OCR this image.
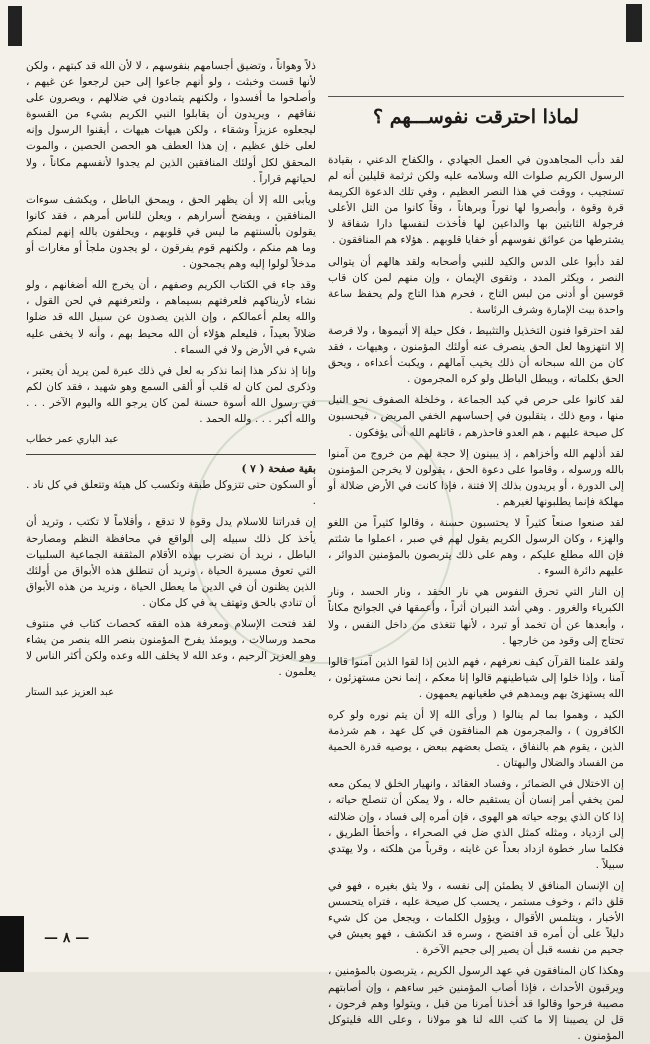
لقد دأب المجاهدون في العمل الجهادي ، والكفاح الدعني ، بقيادة الرسول الكريم صلوات الله وسلامه عليه ولكن ثرثمة قليلين أنه لم تستجيب ، ووقت في هذا النصر العظيم ، وفي تلك الدعوة الكريمة قرة وقوة ، وأبصروا لها نوراً وبرهاناً ، وقاً كانوا من التل الأعلى فرجولة الثابتين بها والداعين لها فأخذت لنفسها دارا شفاقة لا يشترطها من عوائق نفوسهم أو خفايا قلوبهم . هؤلاء هم المنافقون .

لقد دأبوا على الدس والكيد للنبي وأصحابه ولقد هالهم أن يتوالى النصر ، ويكثر المدد ، وتقوى الإيمان ، وإن منهم لمن كان قاب قوسين أو أدنى من لبس التاج ، فحرم هذا التاج ولم يحفظ ساعة واحدة بيت الإمارة وشرف الرئاسة .

لقد احترقوا فنون التخذيل والتثبيط ، فكل حيلة إلا أتيموها ، ولا فرصة إلا انتهزوها لعل الحق ينصرف عنه أولئك المؤمنون ، وهيهات ، فقد كان من الله سبحانه أن ذلك يخيب آمالهم ، ويكبت أعداءه ، ويحق الحق بكلماته ، ويبطل الباطل ولو كره المجرمون .

لقد كانوا على حرص في كيد الجماعة ، وخلخلة الصفوف نحو النيل منها ، ومع ذلك ، يتقلبون في إحساسهم الخفي المريض ، فيحسبون كل صيحة عليهم ، هم العدو فاحذرهم ، قاتلهم الله أنى يؤفكون .

لقد أذلهم الله وأخزاهم ، إذ يبينون إلا حجة لهم من خروج من آمنوا بالله ورسوله ، وقاموا على دعوة الحق ، يقولون لا يخرجن المؤمنون إلى الدورة ، أو يريدون بذلك إلا فتنة ، فإذا كانت في الأرض ضلالة أو مهلكة فإنما يطلبونها لغيرهم .

لقد صنعوا صنعاً كثيراً لا يحتسبون حسنة ، وقالوا كثيراً من اللغو والهزء ، وكان الرسول الكريم يقول لهم في صبر ، اعملوا ما شئتم فإن الله مطلع عليكم ، وهم على ذلك يتربصون بالمؤمنين الدوائر ، عليهم دائرة السوء .

إن النار التي تحرق النفوس هي نار الحقد ، ونار الحسد ، ونار الكبرياء والغرور . وهي أشد النيران أثراً ، وأعمقها في الجوانح مكاناً ، وأبعدها عن أن تخمد أو تبرد ، لأنها تتغذى من داخل النفس ، ولا تحتاج إلى وقود من خارجها .

ولقد علمنا القرآن كيف نعرفهم ، فهم الذين إذا لقوا الذين آمنوا قالوا آمنا ، وإذا خلوا إلى شياطينهم قالوا إنا معكم ، إنما نحن مستهزئون ، الله يستهزئ بهم ويمدهم في طغيانهم يعمهون .

الكيد ، وهموا بما لم ينالوا ( ورأى الله إلا أن يتم نوره ولو كره الكافرون ) ، والمجرمون هم المنافقون في كل عهد ، هم شرذمة الذين ، يقوم هم بالنفاق ، يتصل بعضهم ببعض ، يوصيه قدرة الحمية من الفساد والضلال والبهتان .

إن الاختلال في الضمائر ، وفساد العقائد ، وانهيار الخلق لا يمكن معه لمن يخفي أمر إنسان أن يستقيم حاله ، ولا يمكن أن تنصلح حياته ، إذا كان الذي يوجه حياته هو الهوى ، فإن أمره إلى فساد ، وإن ضلالته إلى ازدياد ، ومثله كمثل الذي ضل في الصحراء ، وأخطأ الطريق ، فكلما سار خطوة ازداد بعداً عن غايته ، وقرباً من هلكته ، ولا يهتدي سبيلاً .

إن الإنسان المنافق لا يطمئن إلى نفسه ، ولا يثق بغيره ، فهو في قلق دائم ، وخوف مستمر ، يحسب كل صيحة عليه ، فتراه يتحسس الأخبار ، ويتلمس الأقوال ، ويؤول الكلمات ، ويجعل من كل شيء دليلاً على أن أمره قد افتضح ، وسره قد انكشف ، فهو يعيش في جحيم من نفسه قبل أن يصير إلى جحيم الآخرة .

وهكذا كان المنافقون في عهد الرسول الكريم ، يتربصون بالمؤمنين ، ويرقبون الأحداث ، فإذا أصاب المؤمنين خير ساءهم ، وإن أصابتهم مصيبة فرحوا وقالوا قد أخذنا أمرنا من قبل ، ويتولوا وهم فرحون ، قل لن يصيبنا إلا ما كتب الله لنا هو مولانا ، وعلى الله فليتوكل المؤمنون .

لماذا احترقت نفوســـهم ؟

ذلاً وهواناً ، وتضيق أجسامهم بنفوسهم ، لا لأن الله قد كبتهم ، ولكن لأنها قست وخبثت ، ولو أنهم جاعوا إلى حين لرجعوا عن غيهم ، وأصلحوا ما أفسدوا ، ولكنهم يتمادون في ضلالهم ، ويصرون على نفاقهم ، ويريدون أن يقابلوا النبي الكريم بشيء من القسوة ليجعلوه عزيزاً وشقاء ، ولكن هيهات هيهات ، أيقنوا الرسول وإنه لعلى خلق عظيم ، إن هذا العطف هو الحصن الحصين ، والموت المحقق لكل أولئك المنافقين الذين لم يجدوا لأنفسهم مكاناً ، ولا لحياتهم قراراً .

ويأبى الله إلا أن يظهر الحق ، ويمحق الباطل ، ويكشف سوءات المنافقين ، ويفضح أسرارهم ، ويعلن للناس أمرهم ، فقد كانوا يقولون بألسنتهم ما ليس في قلوبهم ، ويحلفون بالله إنهم لمنكم وما هم منكم ، ولكنهم قوم يفرقون ، لو يجدون ملجأ أو مغارات أو مدخلاً لولوا إليه وهم يجمحون .

وقد جاء في الكتاب الكريم وصفهم ، أن يخرج الله أضغانهم ، ولو نشاء لأريناكهم فلعرفتهم بسيماهم ، ولتعرفنهم في لحن القول ، والله يعلم أعمالكم ، وإن الذين يصدون عن سبيل الله قد ضلوا ضلالاً بعيداً ، فليعلم هؤلاء أن الله محيط بهم ، وأنه لا يخفى عليه شيء في الأرض ولا في السماء .

وإنا إذ نذكر هذا إنما نذكر به لعل في ذلك عبرة لمن يريد أن يعتبر ، وذكرى لمن كان له قلب أو ألقى السمع وهو شهيد ، فقد كان لكم في رسول الله أسوة حسنة لمن كان يرجو الله واليوم الآخر . . . والله أكبر . . . ولله الحمد .

عبد الباري عمر خطاب
بقية صفحة ( ٧ )

أو السكون حتى تتزوكل طبقة وتكسب كل هيئة وتتعلق في كل ناد . .

إن قدراتنا للاسلام يدل وقوة لا تدقع ، وأقلاماً لا تكتب ، وتريد أن يأخذ كل ذلك سبيله إلى الواقع في محافظة النظم ومصارحة الباطل ، نريد أن نضرب بهذه الأقلام المثقفة الجماعية السلبيات التي تعوق مسيرة الحياة ، ونريد أن تنطلق هذه الأبواق من أولئك الذين يظنون أن في الدين ما يعطل الحياة ، ونريد من هذه الأبواق أن تنادي بالحق وتهتف به في كل مكان .

لقد فتحت الإسلام ومعرفة هذه الفقه كحصات كتاب في منتوف محمد ورسالات ، ويومئذ يفرح المؤمنون بنصر الله ينصر من يشاء وهو العزيز الرحيم ، وعد الله لا يخلف الله وعده ولكن أكثر الناس لا يعلمون .

عبد العزيز عبد الستار
— ٨ —
